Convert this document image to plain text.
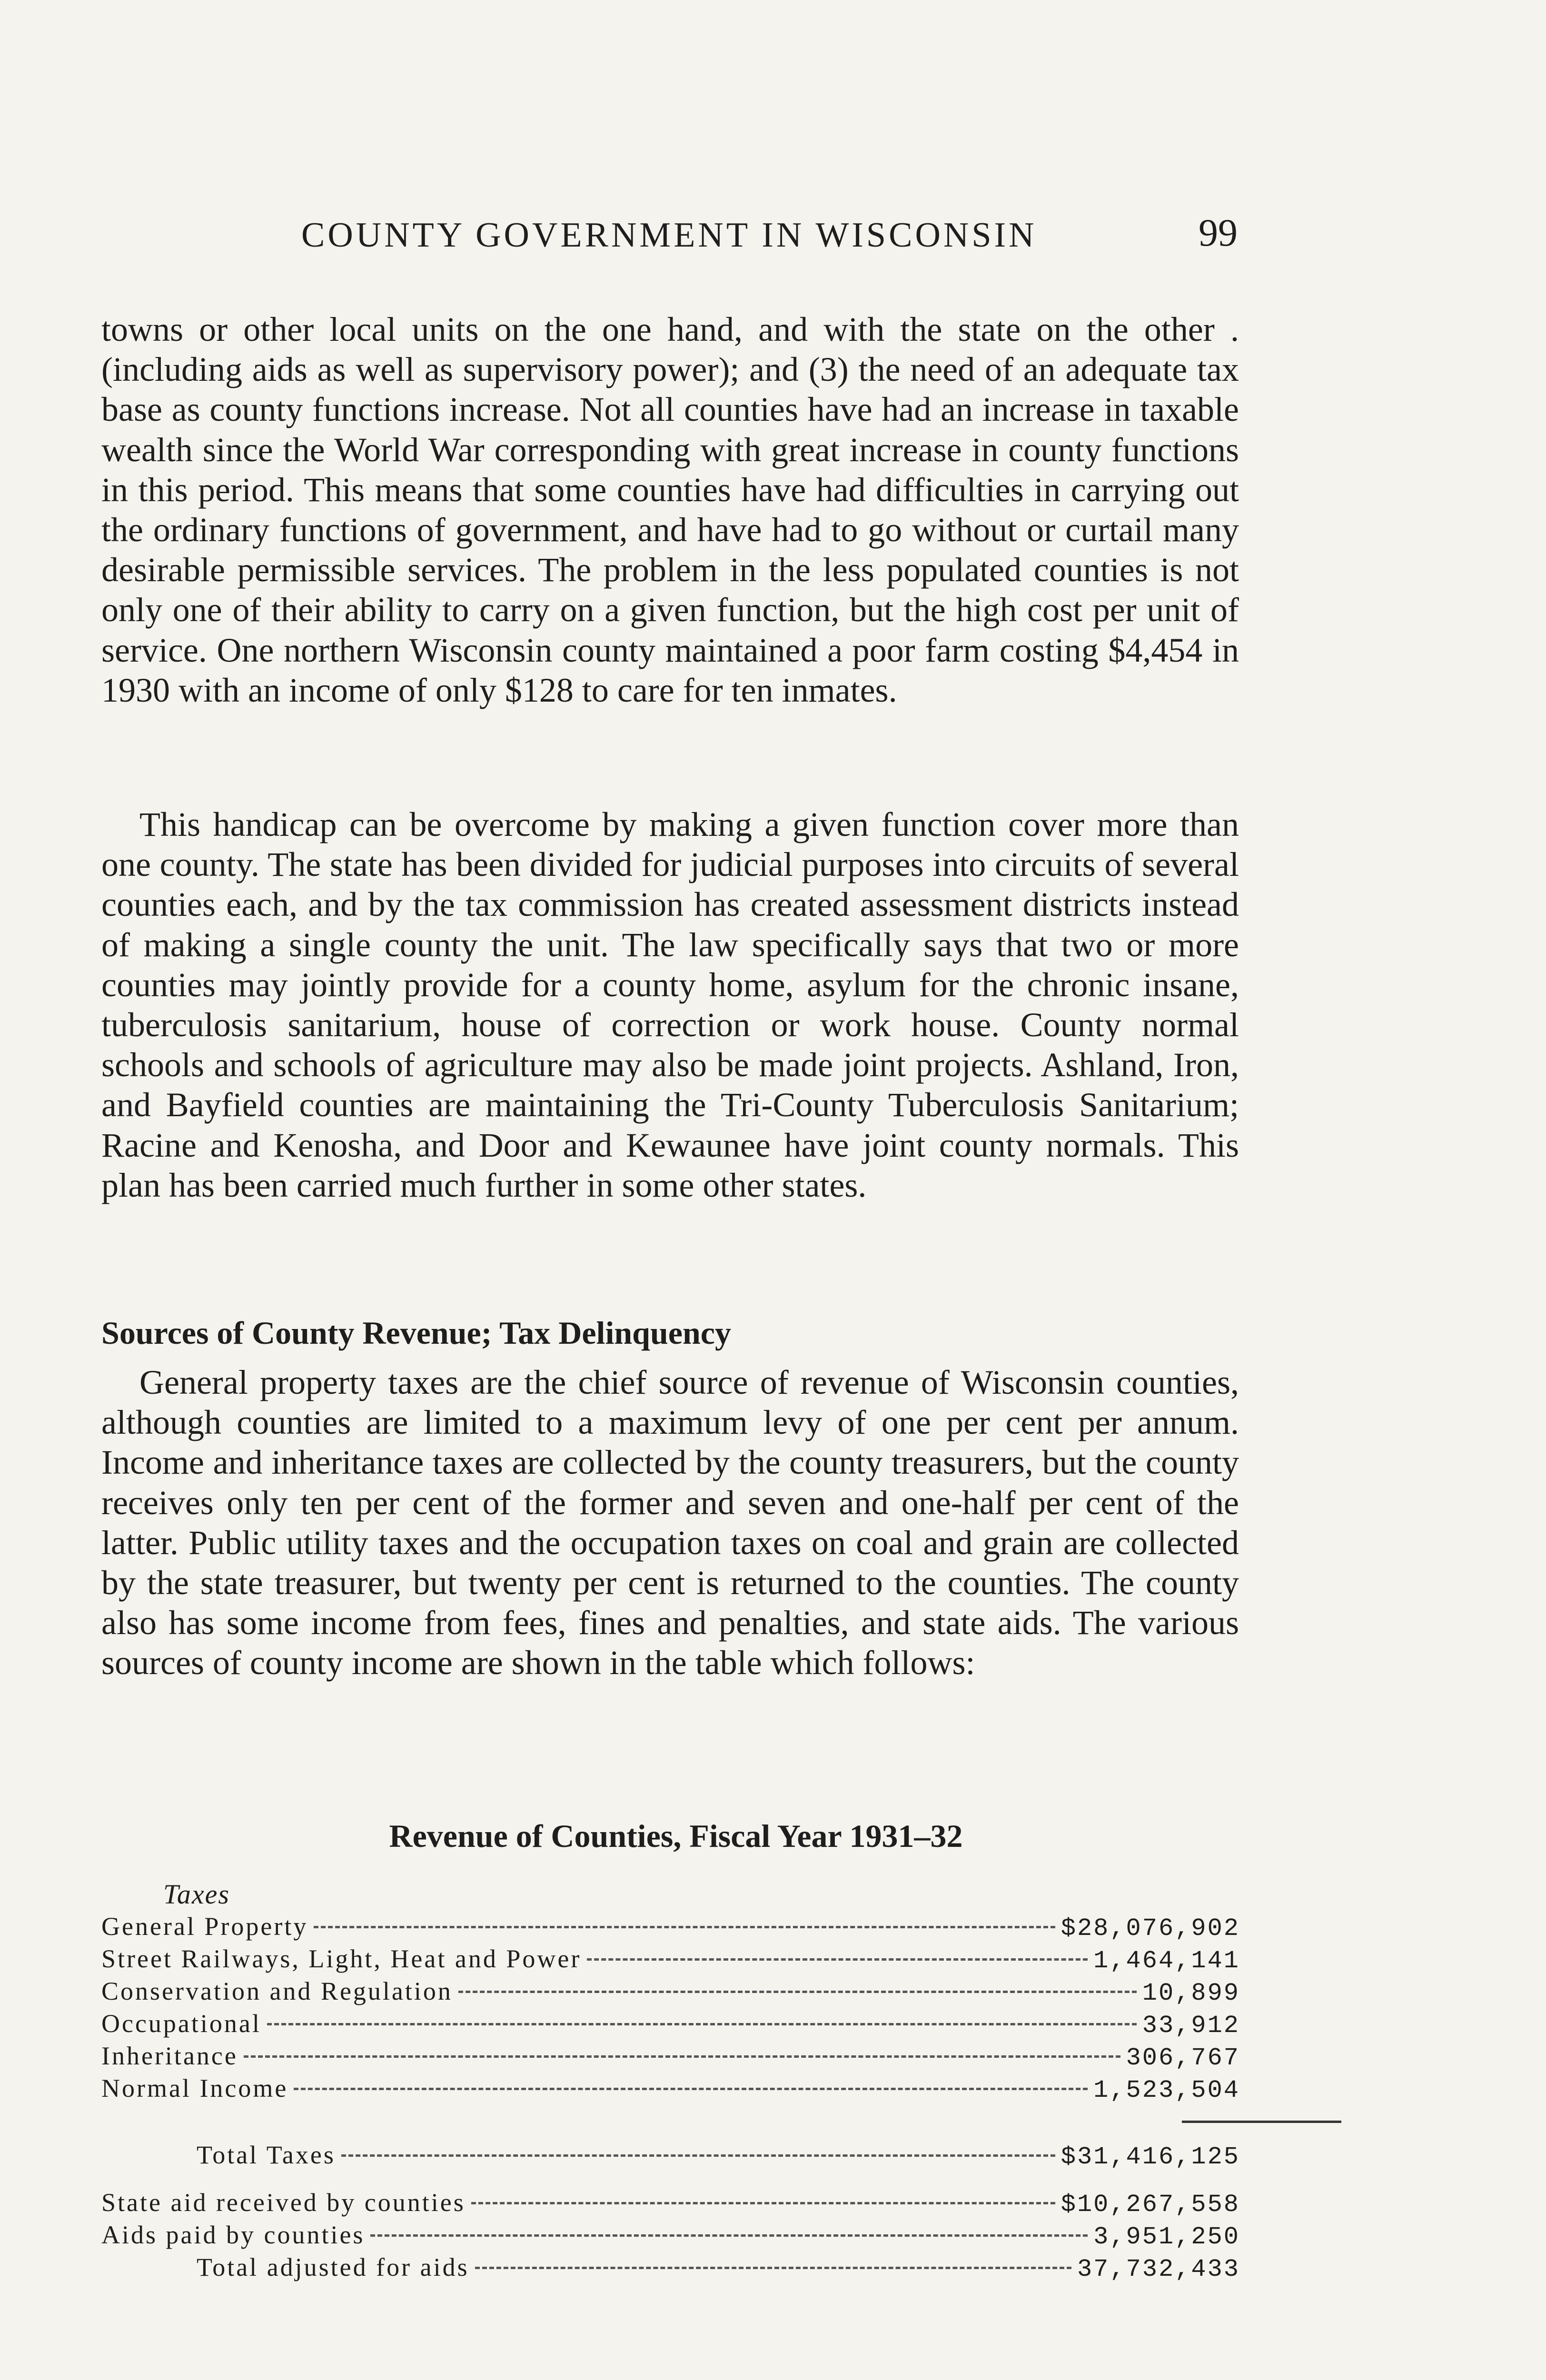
COUNTY GOVERNMENT IN WISCONSIN	99

towns or other local units on the one hand, and with the state on the other .(including aids as well as supervisory power); and (3) the need of an adequate tax base as county functions increase. Not all counties have had an increase in taxable wealth since the World War corresponding with great increase in county functions in this period. This means that some counties have had difficulties in carrying out the ordinary functions of government, and have had to go without or curtail many desirable permissible services. The problem in the less populated counties is not only one of their ability to carry on a given function, but the high cost per unit of service. One northern Wisconsin county maintained a poor farm costing $4,454 in 1930 with an income of only $128 to care for ten inmates.

This handicap can be overcome by making a given function cover more than one county. The state has been divided for judicial purposes into circuits of several counties each, and by the tax commission has created assessment districts instead of making a single county the unit. The law specifically says that two or more counties may jointly provide for a county home, asylum for the chronic insane, tuberculosis sanitarium, house of correction or work house. County normal schools and schools of agriculture may also be made joint projects. Ashland, Iron, and Bayfield counties are maintaining the Tri-County Tuberculosis Sanitarium; Racine and Kenosha, and Door and Kewaunee have joint county normals. This plan has been carried much further in some other states.

Sources of County Revenue; Tax Delinquency

General property taxes are the chief source of revenue of Wisconsin counties, although counties are limited to a maximum levy of one per cent per annum. Income and inheritance taxes are collected by the county treasurers, but the county receives only ten per cent of the former and seven and one-half per cent of the latter. Public utility taxes and the occupation taxes on coal and grain are collected by the state treasurer, but twenty per cent is returned to the counties. The county also has some income from fees, fines and penalties, and state aids. The various sources of county income are shown in the table which follows:

Revenue of Counties, Fiscal Year 1931–32
Taxes
General Property	$28,076,902
Street Railways, Light, Heat and Power	1,464,141
Conservation and Regulation	10,899
Occupational	33,912
Inheritance	306,767
Normal Income	1,523,504
Total Taxes	$31,416,125
State aid received by counties	$10,267,558
Aids paid by counties	3,951,250
Total adjusted for aids	37,732,433
